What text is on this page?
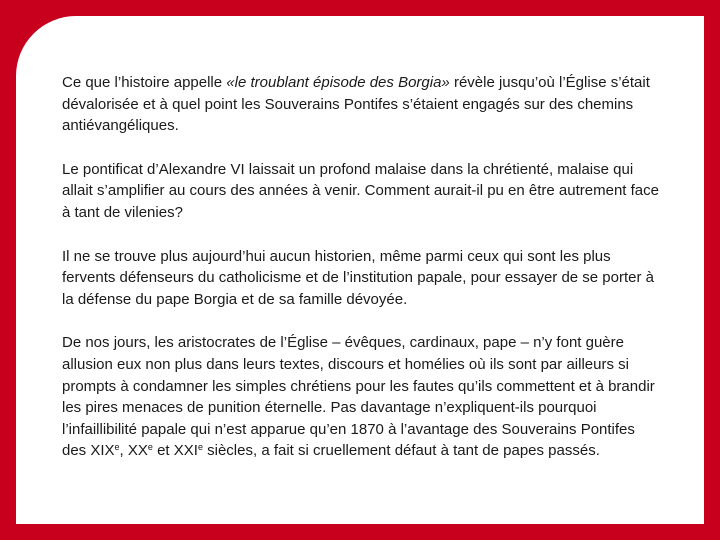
Ce que l’histoire appelle «le troublant épisode des Borgia» révèle jusqu’où l’Église s’était dévalorisée et à quel point les Souverains Pontifes s’étaient engagés sur des chemins antiévangéliques.

Le pontificat d’Alexandre VI laissait un profond malaise dans la chrétienté, malaise qui allait s’amplifier au cours des années à venir. Comment aurait-il pu en être autrement face à tant de vilenies?

Il ne se trouve plus aujourd’hui aucun historien, même parmi ceux qui sont les plus fervents défenseurs du catholicisme et de l’institution papale, pour essayer de se porter à la défense du pape Borgia et de sa famille dévoyée.

De nos jours, les aristocrates de l’Église – évêques, cardinaux, pape – n’y font guère allusion eux non plus dans leurs textes, discours et homélies où ils sont par ailleurs si prompts à condamner les simples chrétiens pour les fautes qu’ils commettent et à brandir les pires menaces de punition éternelle. Pas davantage n’expliquent-ils pourquoi l’infaillibilité papale qui n’est apparue qu’en 1870 à l’avantage des Souverains Pontifes des XIXe, XXe et XXIe siècles, a fait si cruellement défaut à tant de papes passés.
